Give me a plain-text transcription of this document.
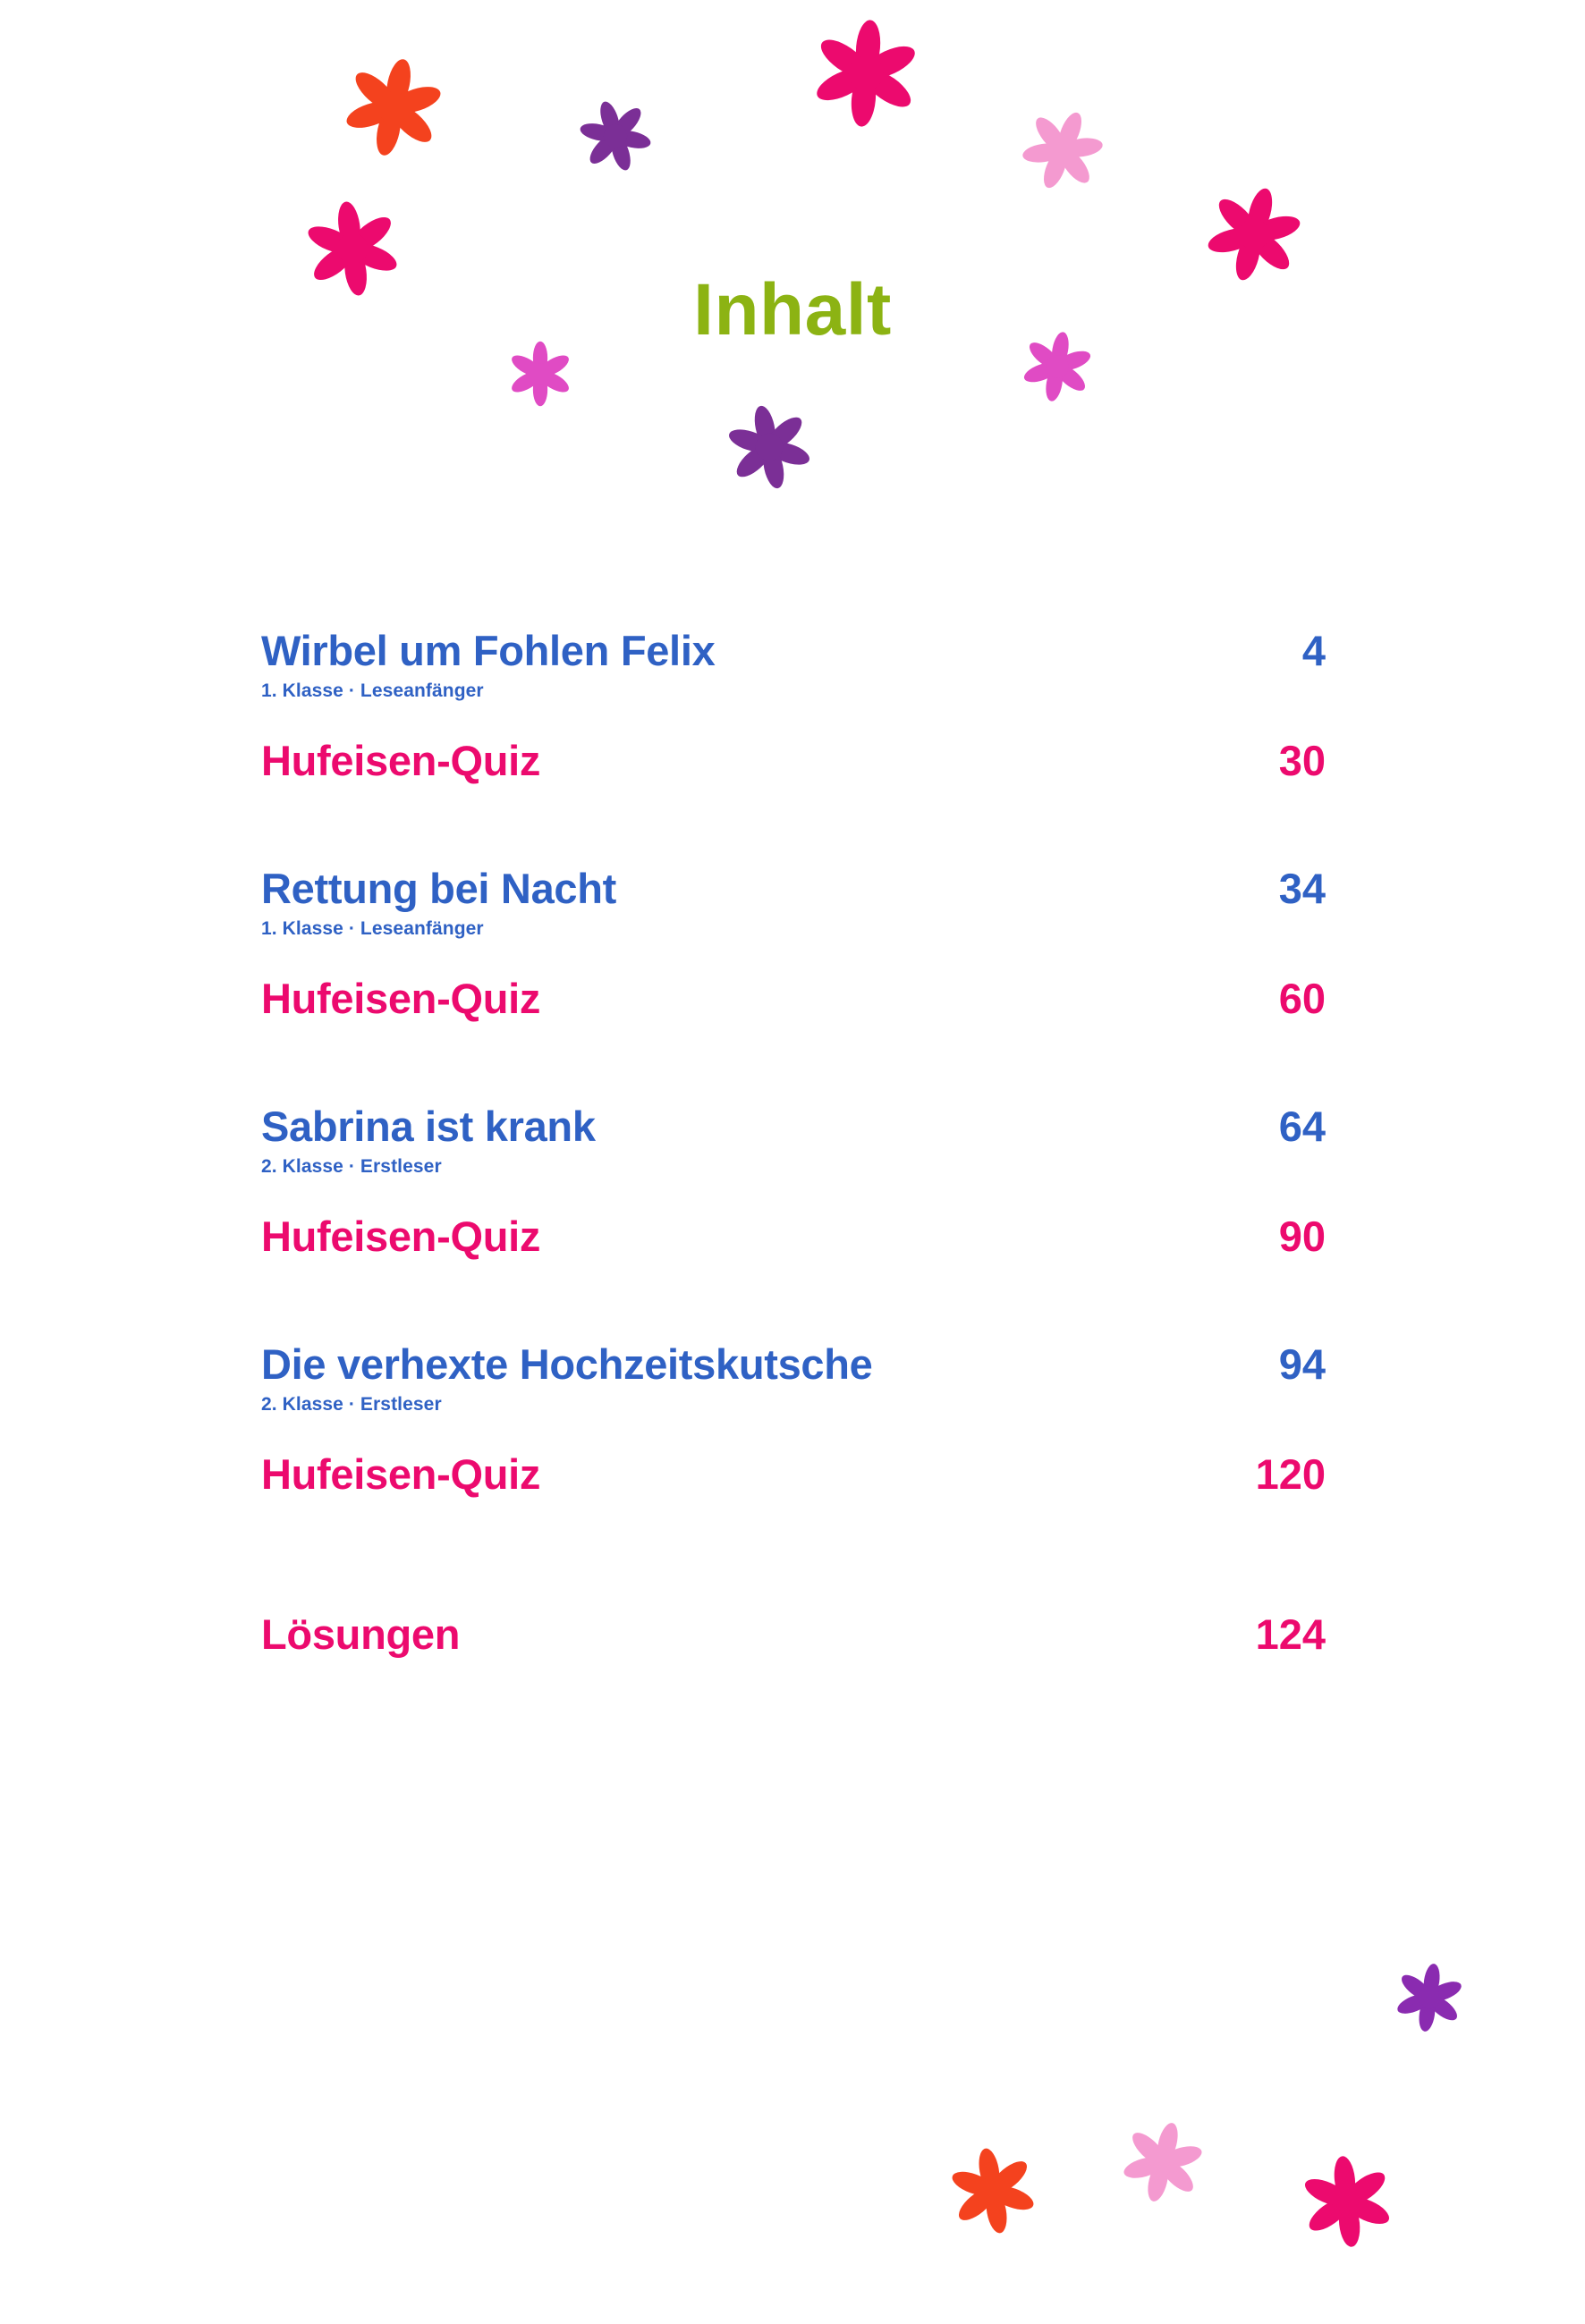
Inhalt
Wirbel um Fohlen Felix	4
1. Klasse · Leseanfänger
Hufeisen-Quiz	30
Rettung bei Nacht	34
1. Klasse · Leseanfänger
Hufeisen-Quiz	60
Sabrina ist krank	64
2. Klasse · Erstleser
Hufeisen-Quiz	90
Die verhexte Hochzeitskutsche	94
2. Klasse · Erstleser
Hufeisen-Quiz	120
Lösungen	124
